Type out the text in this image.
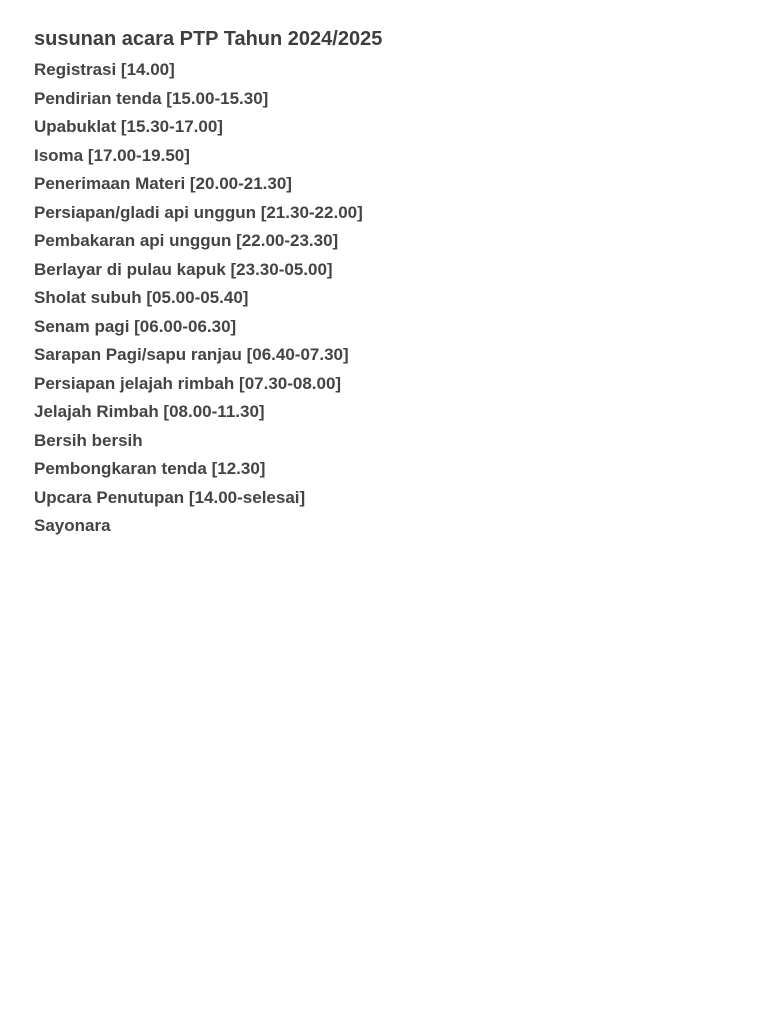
susunan acara PTP Tahun 2024/2025
Registrasi [14.00]
Pendirian tenda [15.00-15.30]
Upabuklat [15.30-17.00]
Isoma [17.00-19.50]
Penerimaan Materi [20.00-21.30]
Persiapan/gladi api unggun [21.30-22.00]
Pembakaran api unggun [22.00-23.30]
Berlayar di pulau kapuk [23.30-05.00]
Sholat subuh [05.00-05.40]
Senam pagi [06.00-06.30]
Sarapan Pagi/sapu ranjau [06.40-07.30]
Persiapan jelajah rimbah [07.30-08.00]
Jelajah Rimbah [08.00-11.30]
Bersih bersih
Pembongkaran tenda [12.30]
Upcara Penutupan [14.00-selesai]
Sayonara
